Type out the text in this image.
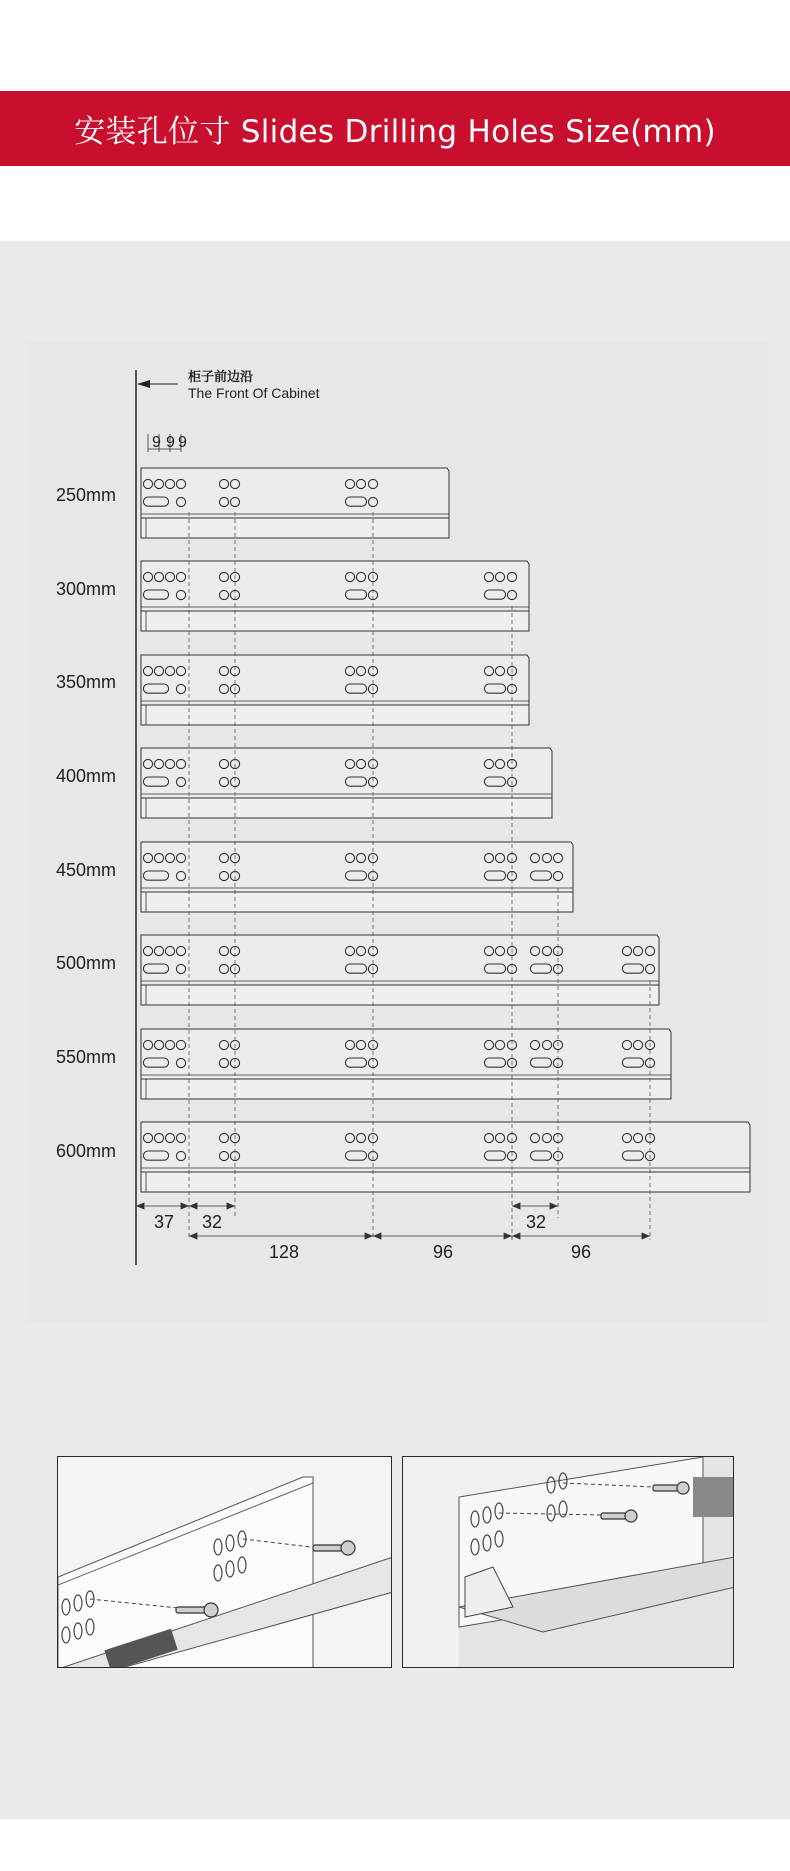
安装孔位寸 Slides Drilling Holes Size(mm)
柜子前边沿
The Front Of Cabinet
9 9 9
250mm
300mm
350mm
400mm
450mm
500mm
550mm
600mm
37 32	32
128	96	96
